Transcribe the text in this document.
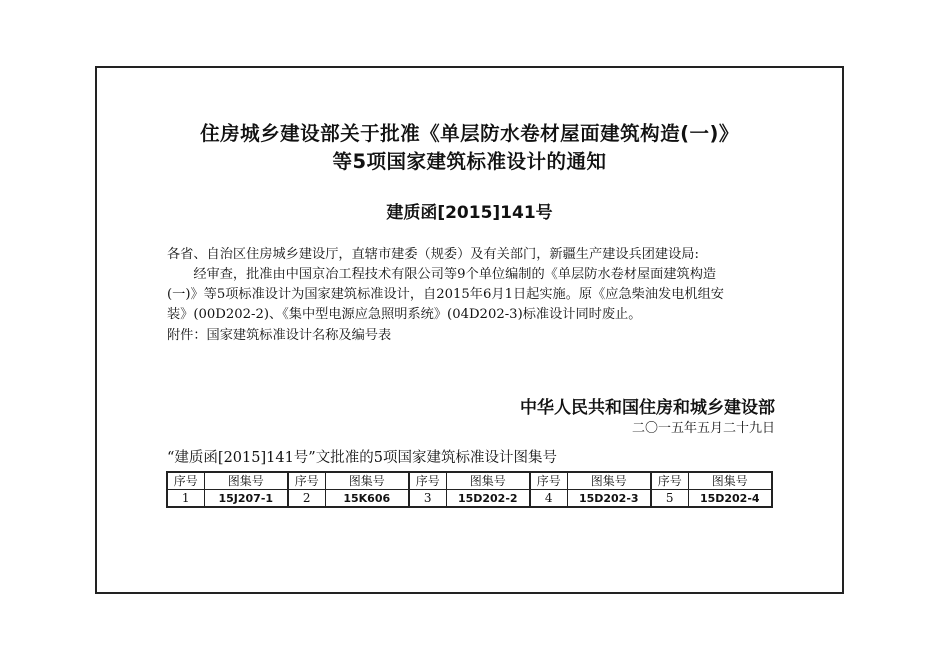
住房城乡建设部关于批准《单层防水卷材屋面建筑构造(一)》
等5项国家建筑标准设计的通知
建质函[2015]141号
各省、自治区住房城乡建设厅，直辖市建委（规委）及有关部门，新疆生产建设兵团建设局:
　　经审查，批准由中国京冶工程技术有限公司等9个单位编制的《单层防水卷材屋面建筑构造
(一)》等5项标准设计为国家建筑标准设计，自2015年6月1日起实施。原《应急柴油发电机组安
装》(00D202-2)、《集中型电源应急照明系统》(04D202-3)标准设计同时废止。
附件：国家建筑标准设计名称及编号表
中华人民共和国住房和城乡建设部
二〇一五年五月二十九日
“建质函[2015]141号”文批准的5项国家建筑标准设计图集号
序号	图集号	序号	图集号	序号	图集号	序号	图集号	序号	图集号
1	15J207-1	2	15K606	3	15D202-2	4	15D202-3	5	15D202-4
